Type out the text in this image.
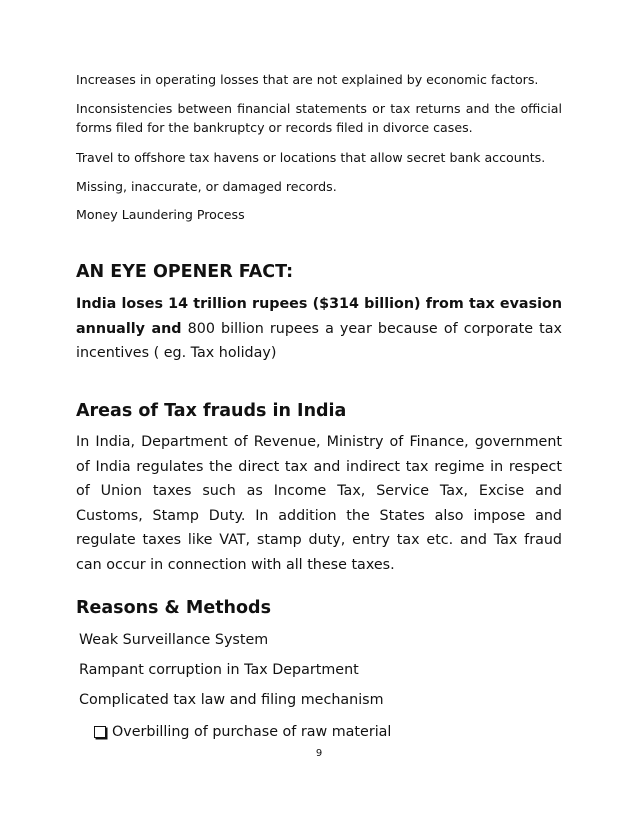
Increases in operating losses that are not explained by economic factors.

Inconsistencies between financial statements or tax returns and the official forms filed for the bankruptcy or records filed in divorce cases.

Travel to offshore tax havens or locations that allow secret bank accounts.

Missing, inaccurate, or damaged records.

Money Laundering Process

AN EYE OPENER FACT:

India loses 14 trillion rupees ($314 billion) from tax evasion annually and 800 billion rupees a year because of corporate tax incentives ( eg. Tax holiday)

Areas of Tax frauds in India

In India, Department of Revenue, Ministry of Finance, government of India regulates the direct tax and indirect tax regime in respect of Union taxes such as Income Tax, Service Tax, Excise and Customs, Stamp Duty. In addition the States also impose and regulate taxes like VAT, stamp duty, entry tax etc. and Tax fraud can occur in connection with all these taxes.

Reasons & Methods

Weak Surveillance System

Rampant corruption in Tax Department

Complicated tax law and filing mechanism

Overbilling of purchase of raw material

9
